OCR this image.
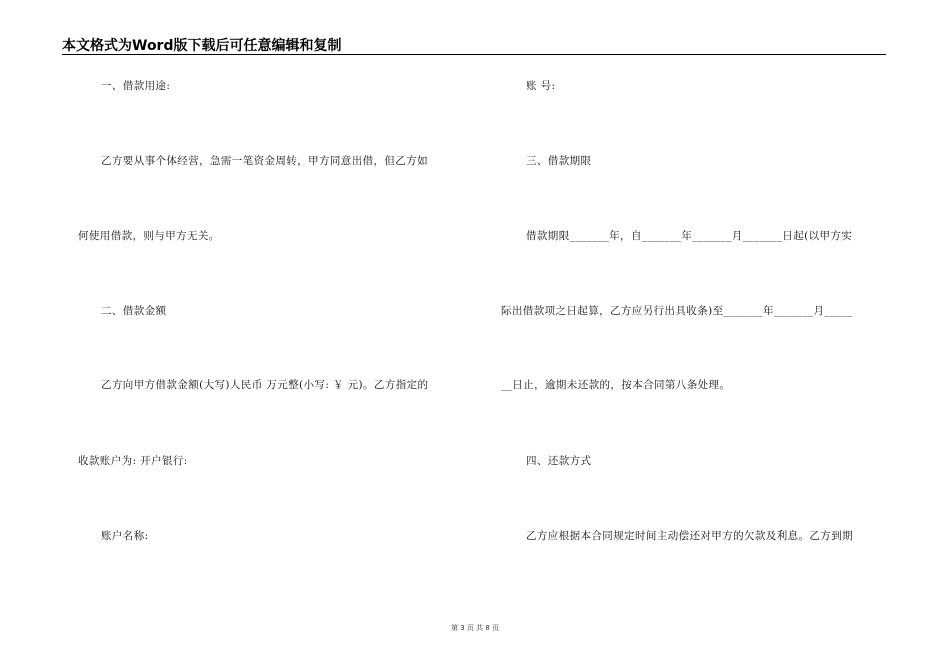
本文格式为Word版下载后可任意编辑和复制
一、借款用途:
乙方要从事个体经营，急需一笔资金周转，甲方同意出借，但乙方如
何使用借款，则与甲方无关。
二、借款金额
乙方向甲方借款金额(大写)人民币 万元整(小写: ￥ 元)。乙方指定的
收款账户为: 开户银行:
账户名称:
账 号:
三、借款期限
借款期限_______年，自_______年_______月_______日起(以甲方实
际出借款项之日起算，乙方应另行出具收条)至_______年_______月_____
__日止，逾期未还款的，按本合同第八条处理。
四、还款方式
乙方应根据本合同规定时间主动偿还对甲方的欠款及利息。乙方到期
第 3 页 共 8 页
